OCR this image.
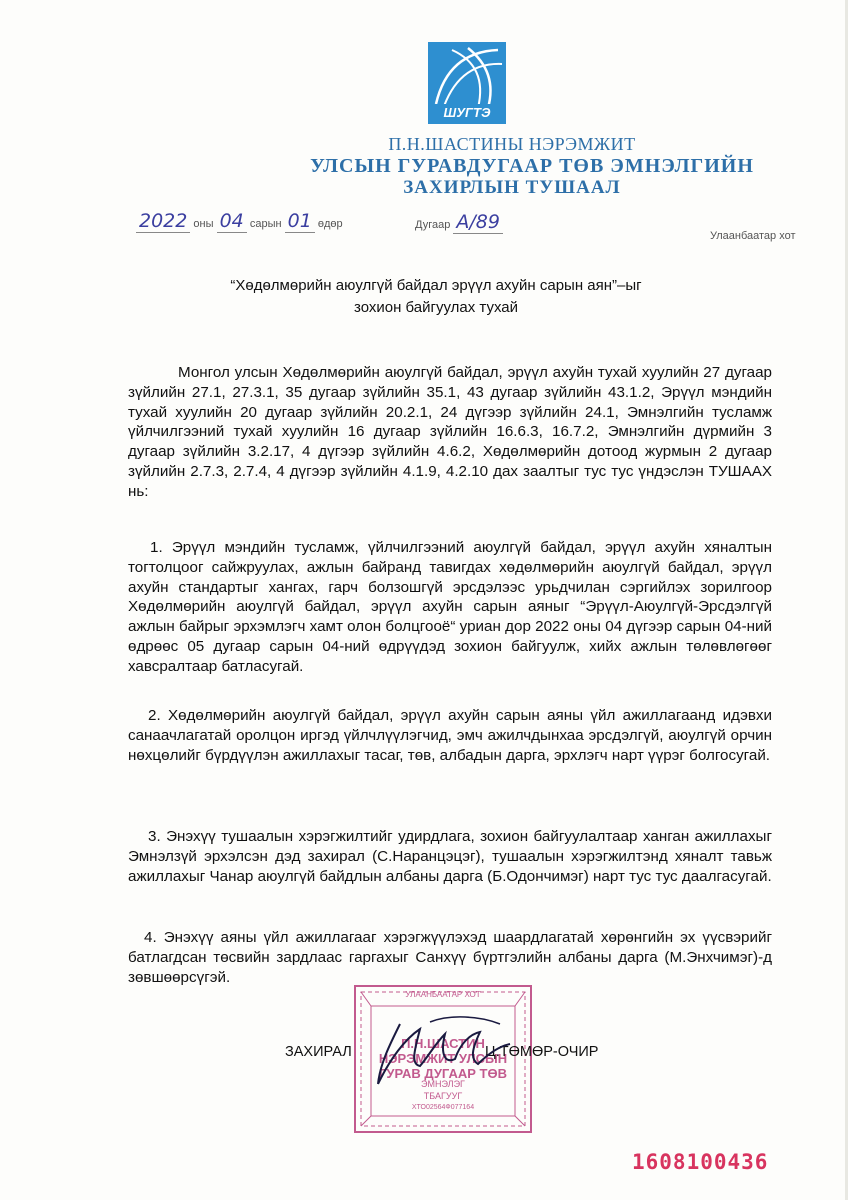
ШУГТЭ
П.Н.ШАСТИНЫ НЭРЭМЖИТ
УЛСЫН ГУРАВДУГААР ТӨВ ЭМНЭЛГИЙН
ЗАХИРЛЫН ТУШААЛ
2022 оны 04 сарын 01 өдөр	Дугаар А/89
Улаанбаатар хот
“Хөдөлмөрийн аюулгүй байдал эрүүл ахуйн сарын аян”–ыг
зохион байгуулах тухай
Монгол улсын Хөдөлмөрийн аюулгүй байдал, эрүүл ахуйн тухай хуулийн 27 дугаар зүйлийн 27.1, 27.3.1, 35 дугаар зүйлийн 35.1, 43 дугаар зүйлийн 43.1.2, Эрүүл мэндийн тухай хуулийн 20 дугаар зүйлийн 20.2.1, 24 дүгээр зүйлийн 24.1, Эмнэлгийн тусламж үйлчилгээний тухай хуулийн 16 дугаар зүйлийн 16.6.3, 16.7.2, Эмнэлгийн дүрмийн 3 дугаар зүйлийн 3.2.17, 4 дүгээр зүйлийн 4.6.2, Хөдөлмөрийн дотоод журмын 2 дугаар зүйлийн 2.7.3, 2.7.4, 4 дүгээр зүйлийн 4.1.9, 4.2.10 дах заалтыг тус тус үндэслэн ТУШААХ нь:
1. Эрүүл мэндийн тусламж, үйлчилгээний аюулгүй байдал, эрүүл ахуйн хяналтын тогтолцоог сайжруулах, ажлын байранд тавигдах хөдөлмөрийн аюулгүй байдал, эрүүл ахуйн стандартыг хангах, гарч болзошгүй эрсдэлээс урьдчилан сэргийлэх зорилгоор Хөдөлмөрийн аюулгүй байдал, эрүүл ахуйн сарын аяныг “Эрүүл-Аюулгүй-Эрсдэлгүй ажлын байрыг эрхэмлэгч хамт олон болцгооё“ уриан дор 2022 оны 04 дүгээр сарын 04-ний өдрөөс 05 дугаар сарын 04-ний өдрүүдэд зохион байгуулж, хийх ажлын төлөвлөгөөг хавсралтаар батлаcугай.
2. Хөдөлмөрийн аюулгүй байдал, эрүүл ахуйн сарын аяны үйл ажиллагаанд идэвхи санаачлагатай оролцон иргэд үйлчлүүлэгчид, эмч ажилчдынхаа эрсдэлгүй, аюулгүй орчин нөхцөлийг бүрдүүлэн ажиллахыг тасаг, төв, албадын дарга, эрхлэгч нарт үүрэг болгосугай.
3. Энэхүү тушаалын хэрэгжилтийг удирдлага, зохион байгуулалтаар ханган ажиллахыг Эмнэлзүй эрхэлсэн дэд захирал (С.Наранцэцэг), тушаалын хэрэгжилтэнд хяналт тавьж ажиллахыг Чанар аюулгүй байдлын албаны дарга (Б.Одончимэг) нарт тус тус даалгасугай.
4. Энэхүү аяны үйл ажиллагааг хэрэгжүүлэхэд шаардлагатай хөрөнгийн эх үүсвэрийг батлагдсан төсвийн зардлаас гаргахыг Санхүү бүртгэлийн албаны дарга (М.Энхчимэг)-д зөвшөөрсүгэй.
УЛААНБААТАР ХОТ
П.Н.ШАСТИН
НЭРЭМЖИТ УЛСЫН
ГУРАВ ДУГААР ТӨВ
ЭМНЭЛЭГ
ТБАГУУГ
ХТО02564Ф077164
ЗАХИРАЛ	Ц.ТӨМӨР-ОЧИР
1608100436
